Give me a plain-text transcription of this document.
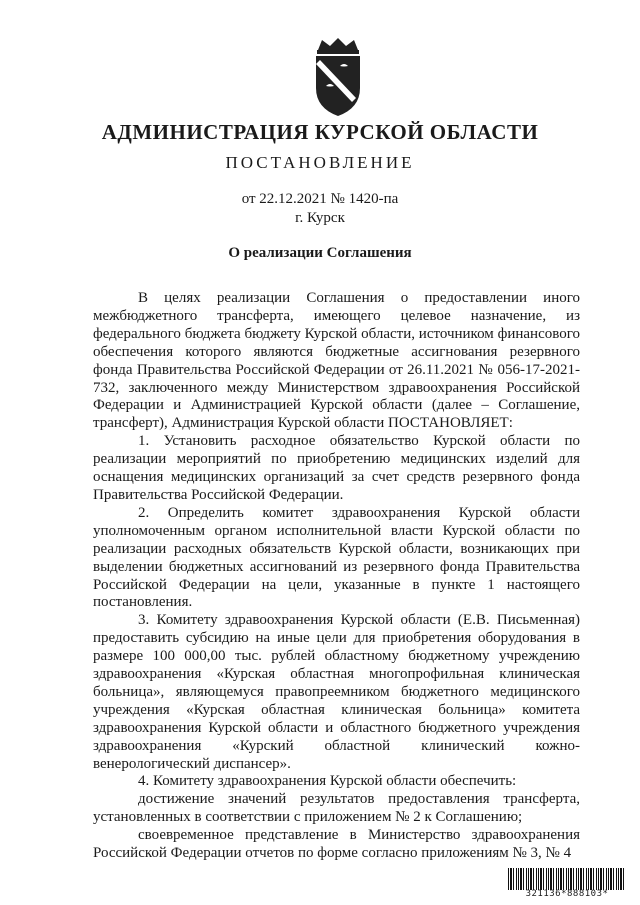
АДМИНИСТРАЦИЯ КУРСКОЙ ОБЛАСТИ
ПОСТАНОВЛЕНИЕ
от 22.12.2021 № 1420-па
г. Курск
О реализации Соглашения

В целях реализации Соглашения о предоставлении иного межбюджетного трансферта, имеющего целевое назначение, из федерального бюджета бюджету Курской области, источником финансового обеспечения которого являются бюджетные ассигнования резервного фонда Правительства Российской Федерации от 26.11.2021 № 056-17-2021-732, заключенного между Министерством здравоохранения Российской Федерации и Администрацией Курской области (далее – Соглашение, трансферт), Администрация Курской области ПОСТАНОВЛЯЕТ:

1. Установить расходное обязательство Курской области по реализации мероприятий по приобретению медицинских изделий для оснащения медицинских организаций за счет средств резервного фонда Правительства Российской Федерации.

2. Определить комитет здравоохранения Курской области уполномоченным органом исполнительной власти Курской области по реализации расходных обязательств Курской области, возникающих при выделении бюджетных ассигнований из резервного фонда Правительства Российской Федерации на цели, указанные в пункте 1 настоящего постановления.

3. Комитету здравоохранения Курской области (Е.В. Письменная) предоставить субсидию на иные цели для приобретения оборудования в размере 100 000,00 тыс. рублей областному бюджетному учреждению здравоохранения «Курская областная многопрофильная клиническая больница», являющемуся правопреемником бюджетного медицинского учреждения «Курская областная клиническая больница» комитета здравоохранения Курской области и областного бюджетного учреждения здравоохранения «Курский областной клинический кожно-венерологический диспансер».

4. Комитету здравоохранения Курской области обеспечить:

достижение значений результатов предоставления трансферта, установленных в соответствии с приложением № 2 к Соглашению;

своевременное представление в Министерство здравоохранения Российской Федерации отчетов по форме согласно приложениям № 3, № 4

321136*888103*
